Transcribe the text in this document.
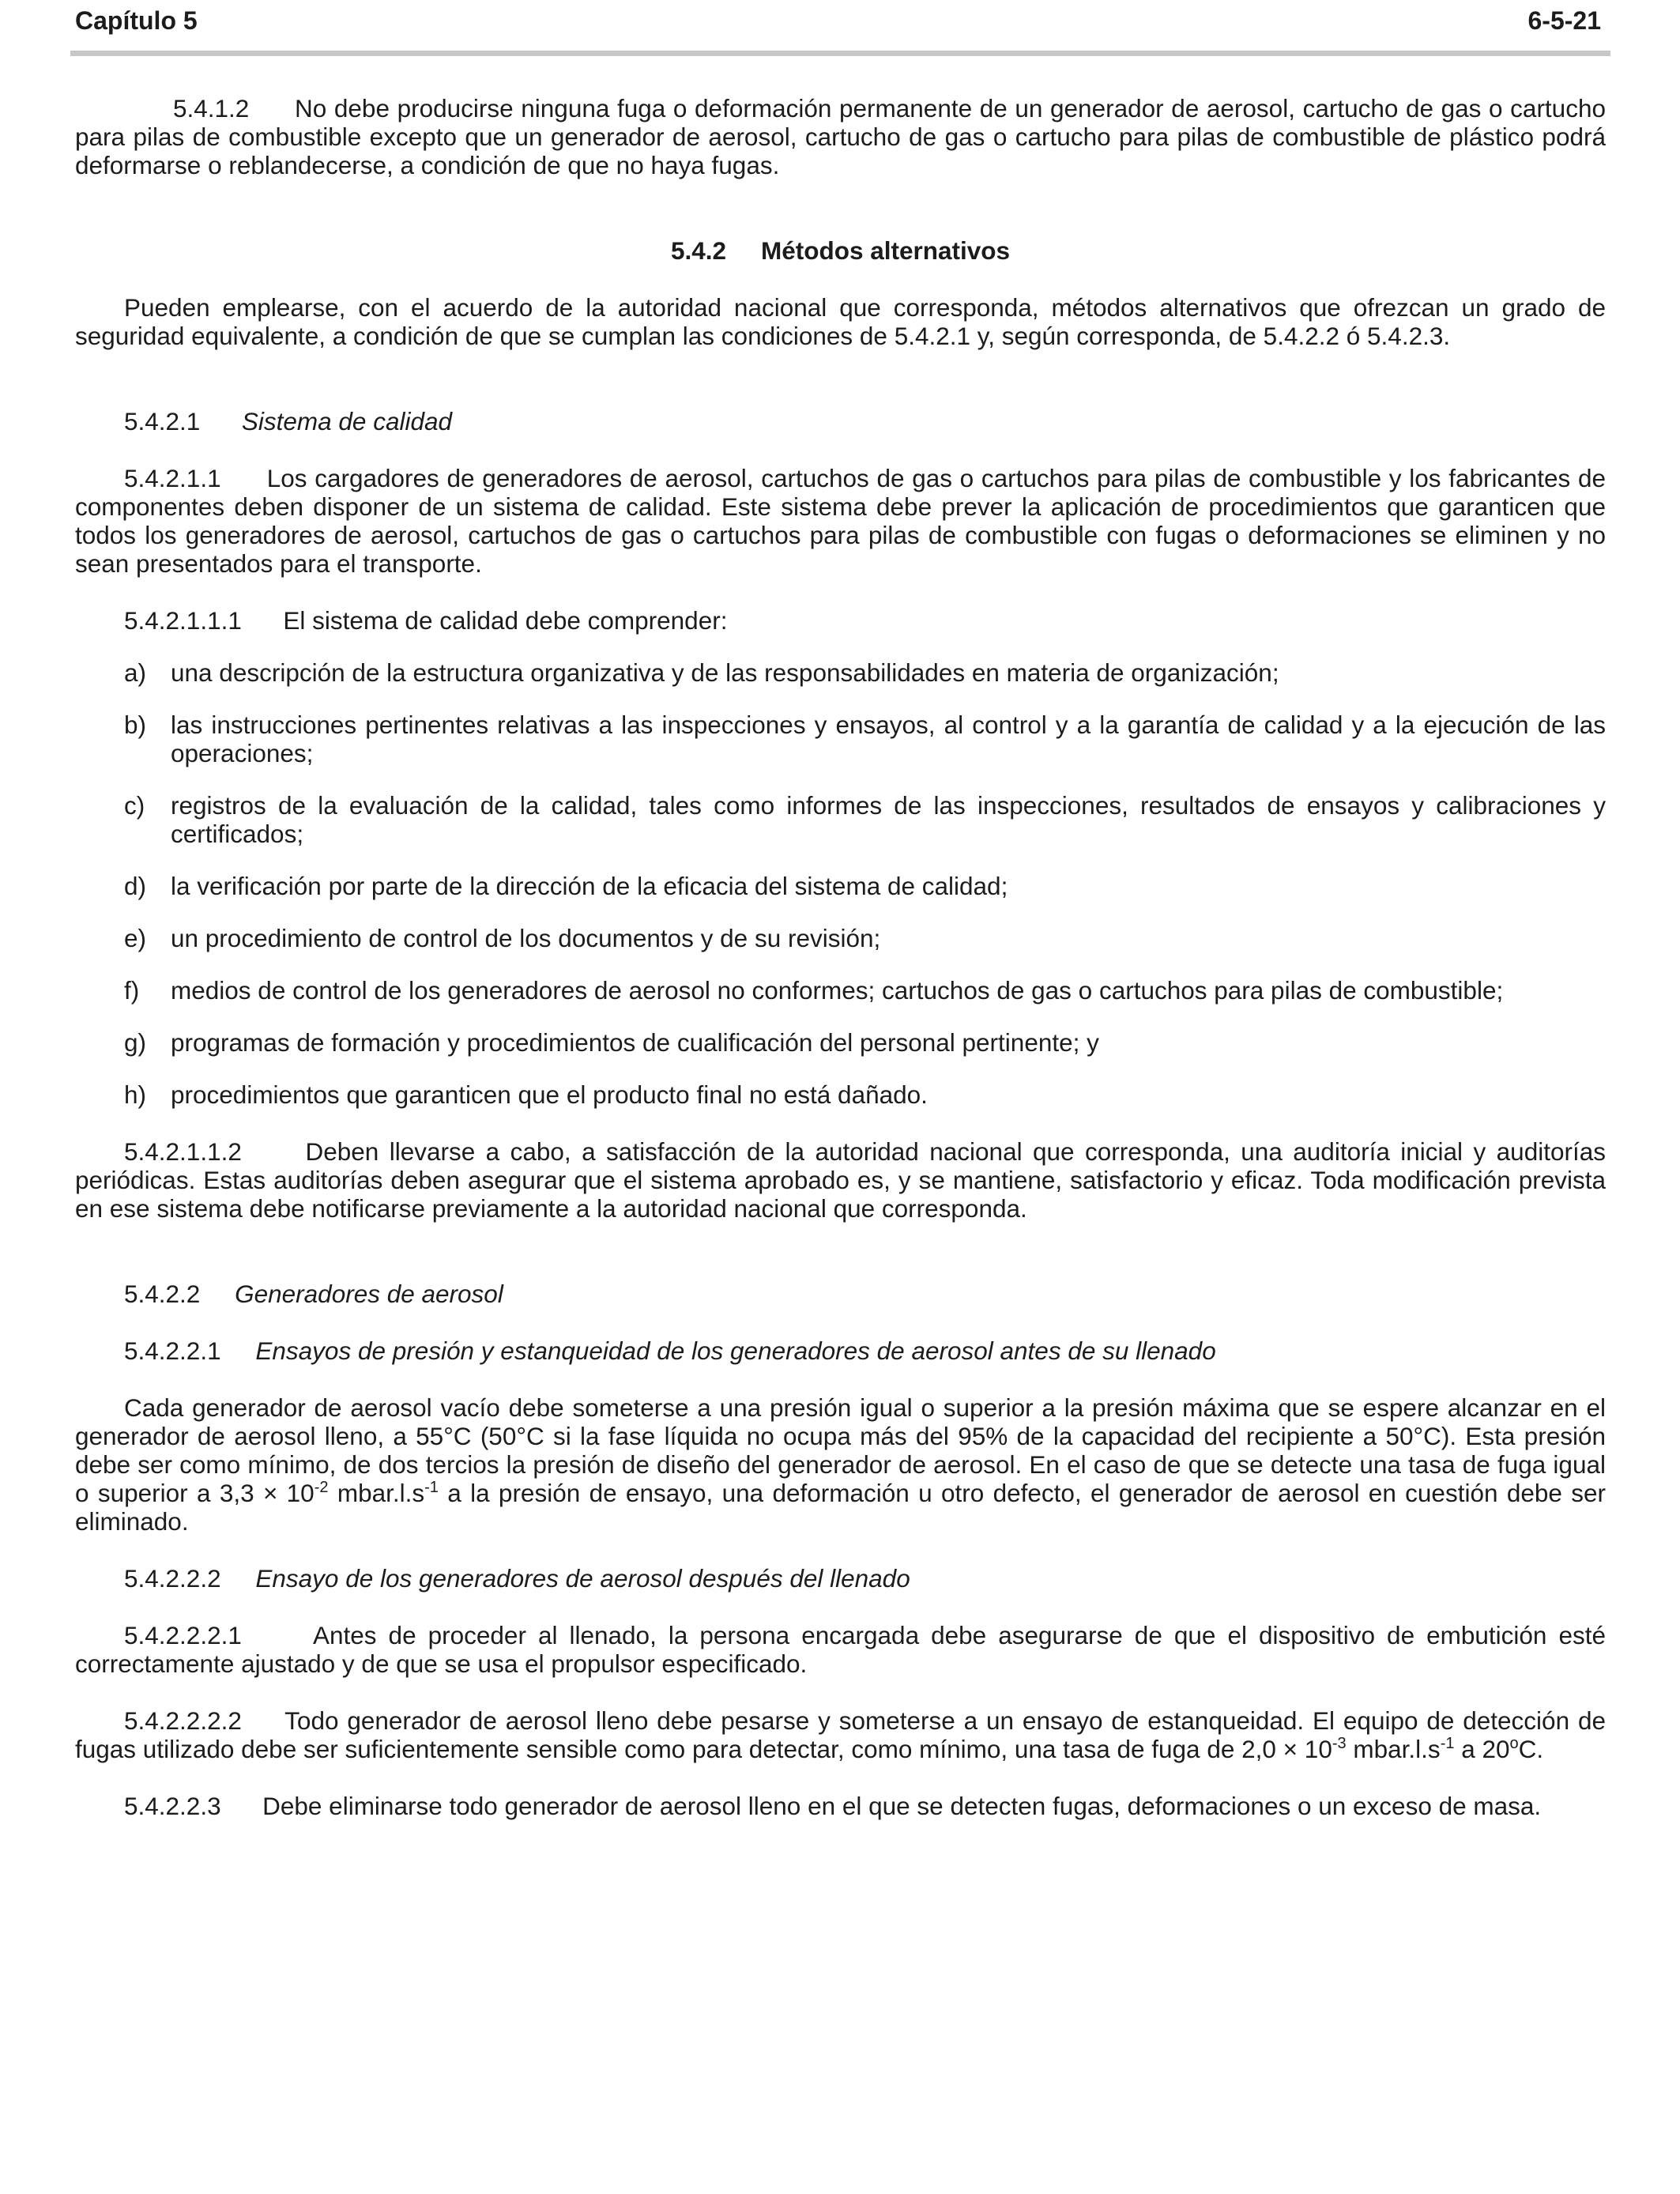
Capítulo 5	6-5-21

5.4.1.2 No debe producirse ninguna fuga o deformación permanente de un generador de aerosol, cartucho de gas o cartucho para pilas de combustible excepto que un generador de aerosol, cartucho de gas o cartucho para pilas de combustible de plástico podrá deformarse o reblandecerse, a condición de que no haya fugas.

5.4.2 Métodos alternativos

Pueden emplearse, con el acuerdo de la autoridad nacional que corresponda, métodos alternativos que ofrezcan un grado de seguridad equivalente, a condición de que se cumplan las condiciones de 5.4.2.1 y, según corresponda, de 5.4.2.2 ó 5.4.2.3.

5.4.2.1 Sistema de calidad

5.4.2.1.1 Los cargadores de generadores de aerosol, cartuchos de gas o cartuchos para pilas de combustible y los fabricantes de componentes deben disponer de un sistema de calidad. Este sistema debe prever la aplicación de procedimientos que garanticen que todos los generadores de aerosol, cartuchos de gas o cartuchos para pilas de combustible con fugas o deformaciones se eliminen y no sean presentados para el transporte.

5.4.2.1.1.1 El sistema de calidad debe comprender:

a) una descripción de la estructura organizativa y de las responsabilidades en materia de organización;
b) las instrucciones pertinentes relativas a las inspecciones y ensayos, al control y a la garantía de calidad y a la ejecución de las operaciones;
c) registros de la evaluación de la calidad, tales como informes de las inspecciones, resultados de ensayos y calibraciones y certificados;
d) la verificación por parte de la dirección de la eficacia del sistema de calidad;
e) un procedimiento de control de los documentos y de su revisión;
f) medios de control de los generadores de aerosol no conformes; cartuchos de gas o cartuchos para pilas de combustible;
g) programas de formación y procedimientos de cualificación del personal pertinente; y
h) procedimientos que garanticen que el producto final no está dañado.

5.4.2.1.1.2	Deben llevarse a cabo, a satisfacción de la autoridad nacional que corresponda, una auditoría inicial y auditorías periódicas. Estas auditorías deben asegurar que el sistema aprobado es, y se mantiene, satisfactorio y eficaz. Toda modificación prevista en ese sistema debe notificarse previamente a la autoridad nacional que corresponda.

5.4.2.2 Generadores de aerosol

5.4.2.2.1 Ensayos de presión y estanqueidad de los generadores de aerosol antes de su llenado

Cada generador de aerosol vacío debe someterse a una presión igual o superior a la presión máxima que se espere alcanzar en el generador de aerosol lleno, a 55°C (50°C si la fase líquida no ocupa más del 95% de la capacidad del recipiente a 50°C). Esta presión debe ser como mínimo, de dos tercios la presión de diseño del generador de aerosol. En el caso de que se detecte una tasa de fuga igual o superior a $3,3 \times 10^{-2}$ $mbar.l.s^{-1}$ a la presión de ensayo, una deformación u otro defecto, el generador de aerosol en cuestión debe ser eliminado.

5.4.2.2.2 Ensayo de los generadores de aerosol después del llenado

5.4.2.2.2.1	Antes de proceder al llenado, la persona encargada debe asegurarse de que el dispositivo de embutición esté correctamente ajustado y de que se usa el propulsor especificado.

5.4.2.2.2.2 Todo generador de aerosol lleno debe pesarse y someterse a un ensayo de estanqueidad. El equipo de detección de fugas utilizado debe ser suficientemente sensible como para detectar, como mínimo, una tasa de fuga de $2,0 \times 10^{-3}$ $mbar.l.s^{-1}$ a 20$^o$C.

5.4.2.2.3 Debe eliminarse todo generador de aerosol lleno en el que se detecten fugas, deformaciones o un exceso de masa.
